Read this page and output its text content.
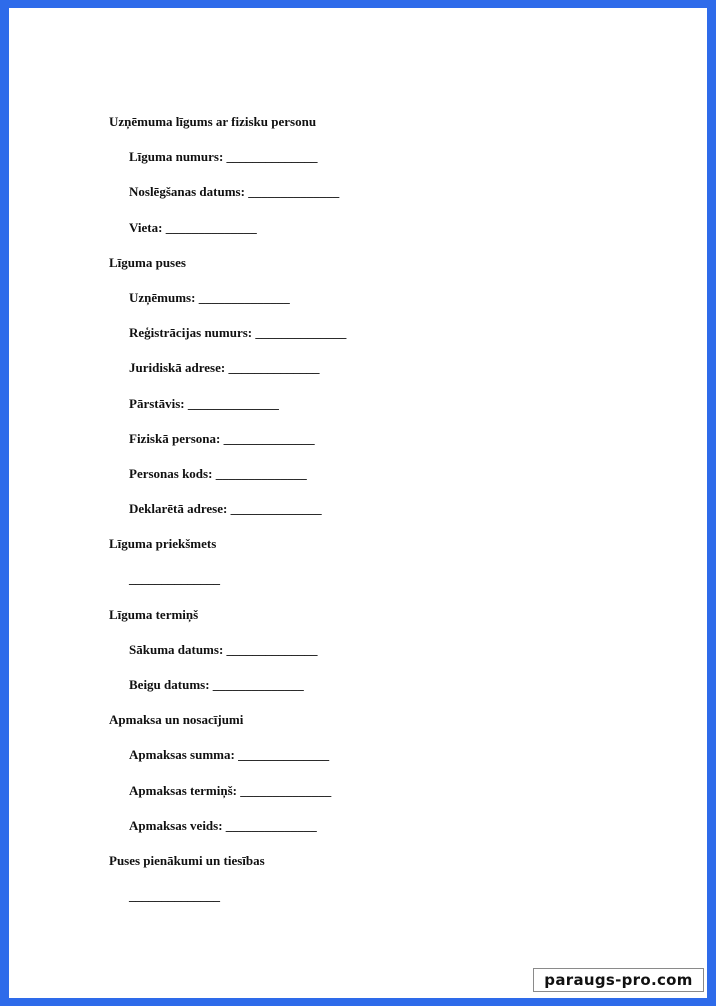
Uzņēmuma līgums ar fizisku personu
Līguma numurs: ______________
Noslēgšanas datums: ______________
Vieta: ______________
Līguma puses
Uzņēmums: ______________
Reģistrācijas numurs: ______________
Juridiskā adrese: ______________
Pārstāvis: ______________
Fiziskā persona: ______________
Personas kods: ______________
Deklarētā adrese: ______________
Līguma priekšmets
______________
Līguma termiņš
Sākuma datums: ______________
Beigu datums: ______________
Apmaksa un nosacījumi
Apmaksas summa: ______________
Apmaksas termiņš: ______________
Apmaksas veids: ______________
Puses pienākumi un tiesības
______________
paraugs-pro.com
